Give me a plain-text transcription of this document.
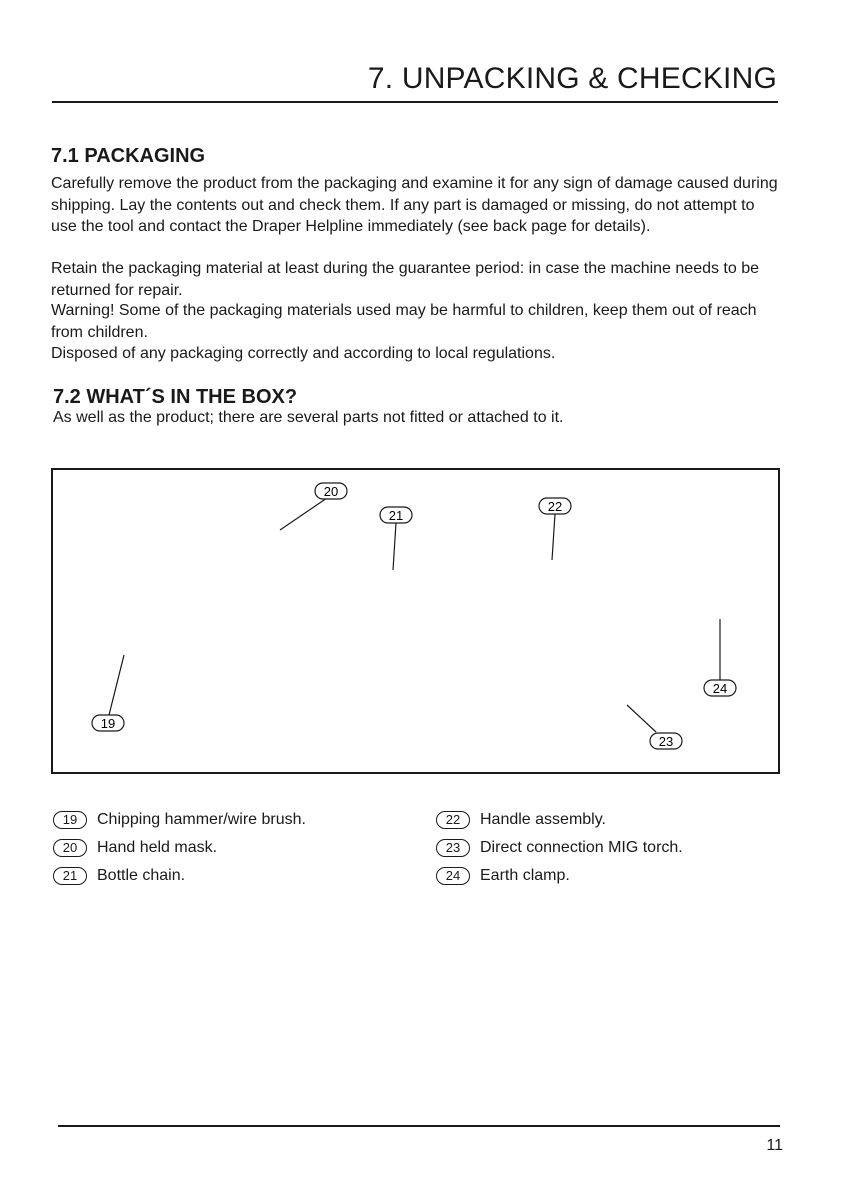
7. UNPACKING & CHECKING
7.1 PACKAGING

Carefully remove the product from the packaging and examine it for any sign of damage caused during shipping. Lay the contents out and check them. If any part is damaged or missing, do not attempt to use the tool and contact the Draper Helpline immediately (see back page for details).

Retain the packaging material at least during the guarantee period: in case the machine needs to be returned for repair.

Warning! Some of the packaging materials used may be harmful to children, keep them out of reach from children.

Disposed of any packaging correctly and according to local regulations.

7.2 WHAT´S IN THE BOX?

As well as the product; there are several parts not fitted or attached to it.

20
21
22
24
19
23
19	Chipping hammer/wire brush.
20	Hand held mask.
21	Bottle chain.
22	Handle assembly.
23	Direct connection MIG torch.
24	Earth clamp.
11
